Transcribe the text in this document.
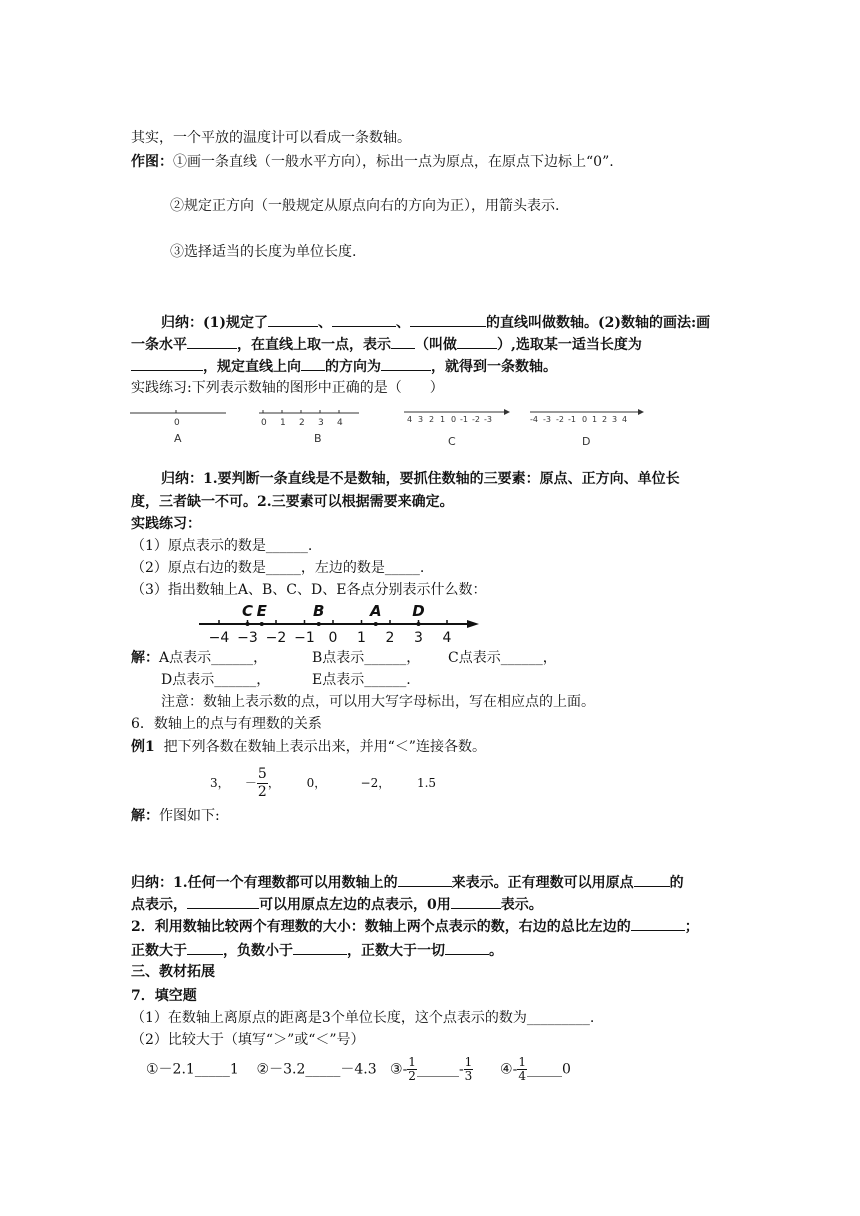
其实，一个平放的温度计可以看成一条数轴。
作图：①画一条直线（一般水平方向），标出一点为原点，在原点下边标上“0”.
②规定正方向（一般规定从原点向右的方向为正），用箭头表示.
③选择适当的长度为单位长度.
归纳：(1)规定了	、	、	的直线叫做数轴。(2)数轴的画法:画
一条水平	，在直线上取一点，表示 （叫做	）,选取某一适当长度为
，规定直线上向 的方向为	，就得到一条数轴。
实践练习:下列表示数轴的图形中正确的是（　　）
0
A
0 1 2 3 4
B
4 3 2 1 0 -1 -2 -3
C
-4 -3 -2 -1 0 1 2 3 4
D
归纳：1.要判断一条直线是不是数轴，要抓住数轴的三要素：原点、正方向、单位长
度，三者缺一不可。2.三要素可以根据需要来确定。
实践练习：
（1）原点表示的数是______.
（2）原点右边的数是_____，左边的数是_____.
（3）指出数轴上A、B、C、D、E各点分别表示什么数：
−4 −3 −2 −1 0 1 2 3 4
C E	B	A D
解：A点表示______，	B点表示______， C点表示______，
D点表示______，	E点表示______.
注意：数轴上表示数的点，可以用大写字母标出，写在相应点的上面。
6．数轴上的点与有理数的关系
例1 把下列各数在数轴上表示出来，并用“＜”连接各数。
3， － $\frac{5}{2}$ ， 0，	−2， 1.5
解：作图如下:
归纳：1.任何一个有理数都可以用数轴上的	来表示。正有理数可以用原点	的
点表示，	可以用原点左边的点表示，0用	表示。
2．利用数轴比较两个有理数的大小：数轴上两个点表示的数，右边的总比左边的	；
正数大于	，负数小于	，正数大于一切	。
三、教材拓展
7．填空题
（1）在数轴上离原点的距离是3个单位长度，这个点表示的数为_________.
（2）比较大于（填写“＞”或“＜”号）
①－2.1_____1 ②－3.2_____－4.3 ③- $\frac{1}{2}$ ______- $\frac{1}{3}$ ④- $\frac{1}{4}$ _____0
